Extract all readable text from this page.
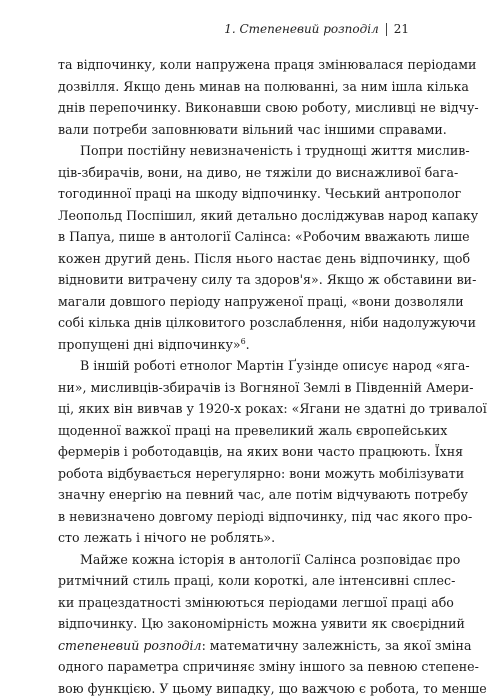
1. Степеневий розподіл 21
та відпочинку, коли напружена праця змінювалася періодами
дозвілля. Якщо день минав на полюванні, за ним ішла кілька
днів перепочинку. Виконавши свою роботу, мисливці не відчу-
вали потреби заповнювати вільний час іншими справами.
Попри постійну невизначеність і труднощі життя мислив-
ців-збирачів, вони, на диво, не тяжіли до виснажливої бага-
тогодинної праці на шкоду відпочинку. Чеський антрополог
Леопольд Поспішил, який детально досліджував народ капаку
в Папуа, пише в антології Салінса: «Робочим вважають лише
кожен другий день. Після нього настає день відпочинку, щоб
відновити витрачену силу та здоров'я». Якщо ж обставини ви-
магали довшого періоду напруженої праці, «вони дозволяли
собі кілька днів цілковитого розслаблення, ніби надолужуючи
пропущені дні відпочинку»$^6$.
В іншій роботі етнолог Мартін Ґузінде описує народ «яга-
ни», мисливців-збирачів із Вогняної Землі в Південній Амери-
ці, яких він вивчав у 1920-х роках: «Ягани не здатні до тривалої
щоденної важкої праці на превеликий жаль європейських
фермерів і роботодавців, на яких вони часто працюють. Їхня
робота відбувається нерегулярно: вони можуть мобілізувати
значну енергію на певний час, але потім відчувають потребу
в невизначено довгому періоді відпочинку, під час якого про-
сто лежать і нічого не роблять».
Майже кожна історія в антології Салінса розповідає про
ритмічний стиль праці, коли короткі, але інтенсивні сплес-
ки працездатності змінюються періодами легшої праці або
відпочинку. Цю закономірність можна уявити як своєрідний
степеневий розподіл: математичну залежність, за якої зміна
одного параметра спричиняє зміну іншого за певною степене-
вою функцією. У цьому випадку, що важчою є робота, то менше
